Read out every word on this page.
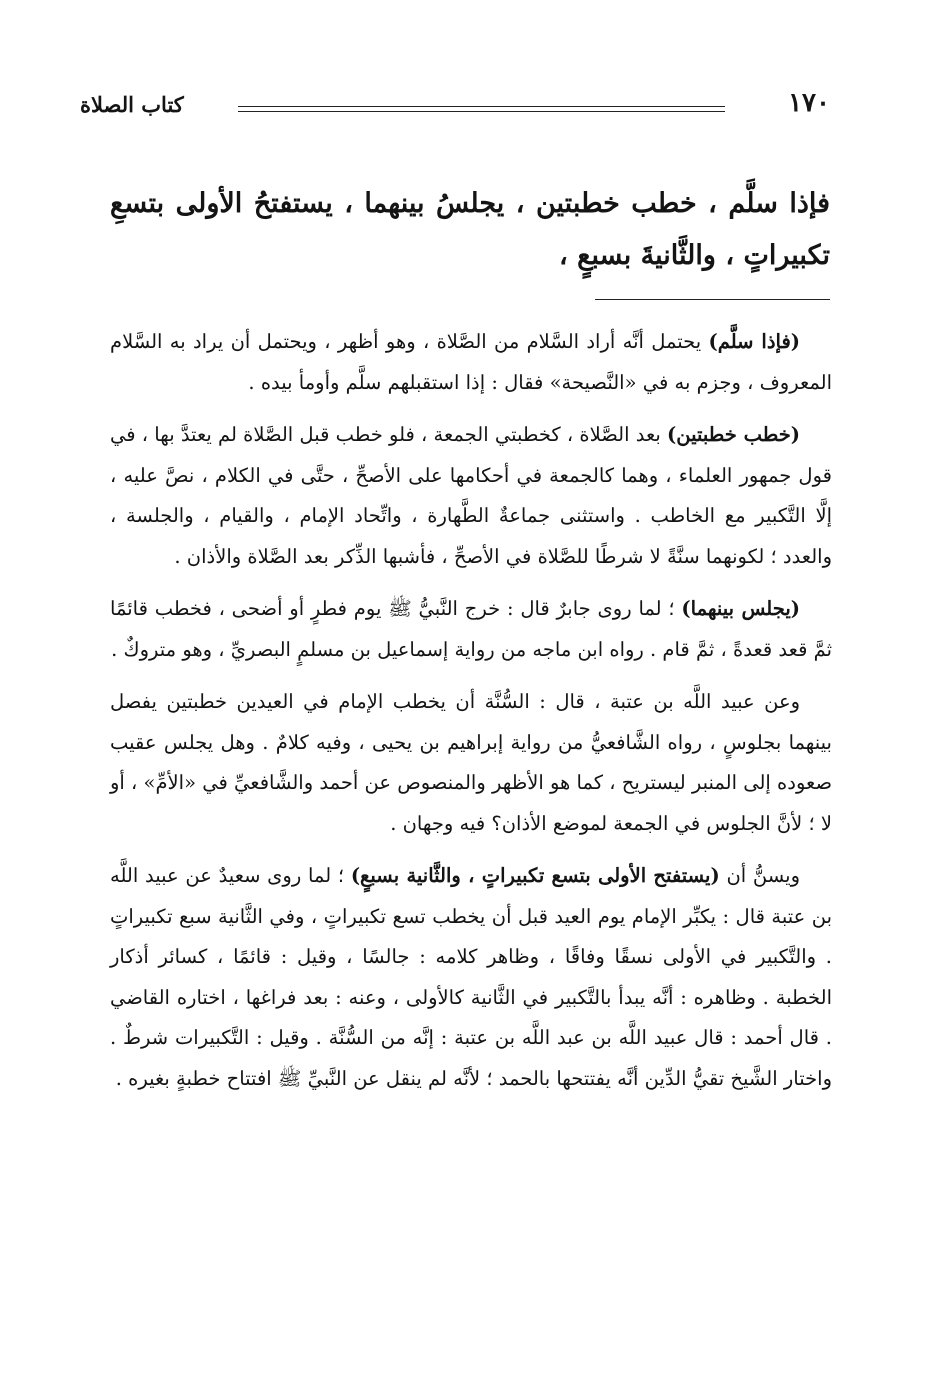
١٧٠
كتاب الصلاة
فإذا سلَّم ، خطب خطبتين ، يجلسُ بينهما ، يستفتحُ الأولى بتسعِ تكبيراتٍ ، والثَّانيةَ بسبعٍ ،

(فإذا سلَّم) يحتمل أنَّه أراد السَّلام من الصَّلاة ، وهو أظهر ، ويحتمل أن يراد به السَّلام المعروف ، وجزم به في «النَّصيحة» فقال : إذا استقبلهم سلَّم وأومأ بيده .

(خطب خطبتين) بعد الصَّلاة ، كخطبتي الجمعة ، فلو خطب قبل الصَّلاة لم يعتدَّ بها ، في قول جمهور العلماء ، وهما كالجمعة في أحكامها على الأصحِّ ، حتَّى في الكلام ، نصَّ عليه ، إلَّا التَّكبير مع الخاطب . واستثنى جماعةٌ الطَّهارة ، واتِّحاد الإمام ، والقيام ، والجلسة ، والعدد ؛ لكونهما سنَّةً لا شرطًا للصَّلاة في الأصحِّ ، فأشبها الذِّكر بعد الصَّلاة والأذان .

(يجلس بينهما) ؛ لما روى جابرٌ قال : خرج النَّبيُّ ﷺ يوم فطرٍ أو أضحى ، فخطب قائمًا ثمَّ قعد قعدةً ، ثمَّ قام . رواه ابن ماجه من رواية إسماعيل بن مسلمٍ البصريِّ ، وهو متروكٌ .

وعن عبيد اللَّه بن عتبة ، قال : السُّنَّة أن يخطب الإمام في العيدين خطبتين يفصل بينهما بجلوسٍ ، رواه الشَّافعيُّ من رواية إبراهيم بن يحيى ، وفيه كلامٌ . وهل يجلس عقيب صعوده إلى المنبر ليستريح ، كما هو الأظهر والمنصوص عن أحمد والشَّافعيِّ في «الأمِّ» ، أو لا ؛ لأنَّ الجلوس في الجمعة لموضع الأذان؟ فيه وجهان .

ويسنُّ أن (يستفتح الأولى بتسع تكبيراتٍ ، والثَّانية بسبعٍ) ؛ لما روى سعيدٌ عن عبيد اللَّه بن عتبة قال : يكبِّر الإمام يوم العيد قبل أن يخطب تسع تكبيراتٍ ، وفي الثَّانية سبع تكبيراتٍ . والتَّكبير في الأولى نسقًا وفاقًا ، وظاهر كلامه : جالسًا ، وقيل : قائمًا ، كسائر أذكار الخطبة . وظاهره : أنَّه يبدأ بالتَّكبير في الثَّانية كالأولى ، وعنه : بعد فراغها ، اختاره القاضي . قال أحمد : قال عبيد اللَّه بن عبد اللَّه بن عتبة : إنَّه من السُّنَّة . وقيل : التَّكبيرات شرطٌ . واختار الشَّيخ تقيُّ الدِّين أنَّه يفتتحها بالحمد ؛ لأنَّه لم ينقل عن النَّبيِّ ﷺ افتتاح خطبةٍ بغيره .
